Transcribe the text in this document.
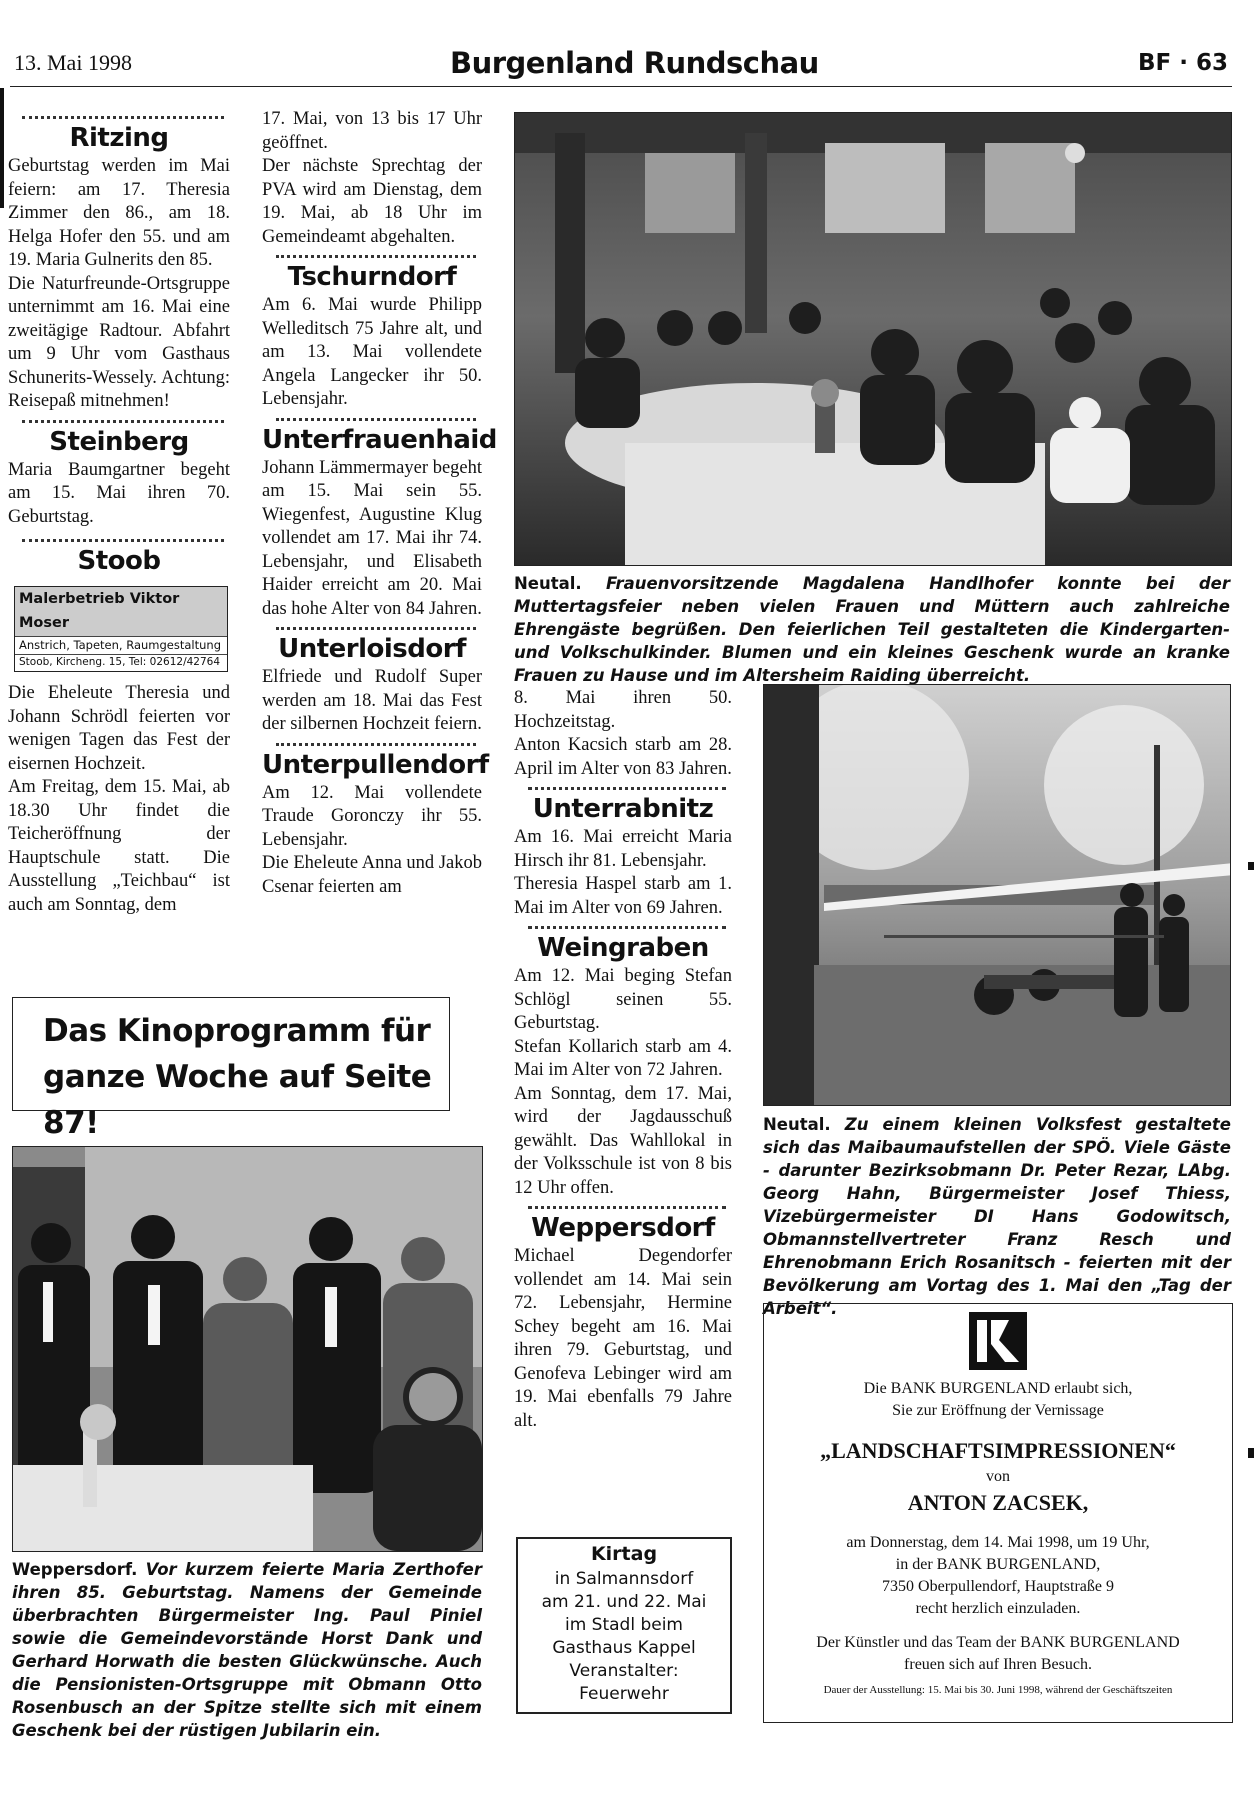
13. Mai 1998	Burgenland Rundschau	BF · 63
Ritzing

Geburtstag werden im Mai feiern: am 17. Theresia Zimmer den 86., am 18. Helga Hofer den 55. und am 19. Maria Gulnerits den 85.

Die Naturfreunde-Ortsgruppe unternimmt am 16. Mai eine zweitägige Radtour. Abfahrt um 9 Uhr vom Gasthaus Schunerits-Wessely. Achtung: Reisepaß mitnehmen!

Steinberg

Maria Baumgartner begeht am 15. Mai ihren 70. Geburtstag.

Stoob
Malerbetrieb Viktor Moser
Anstrich, Tapeten, Raumgestaltung
Stoob, Kircheng. 15, Tel: 02612/42764

Die Eheleute Theresia und Johann Schrödl feierten vor wenigen Tagen das Fest der eisernen Hochzeit.

Am Freitag, dem 15. Mai, ab 18.30 Uhr findet die Teicheröffnung der Hauptschule statt. Die Ausstellung „Teichbau“ ist auch am Sonntag, dem

17. Mai, von 13 bis 17 Uhr geöffnet.

Der nächste Sprechtag der PVA wird am Dienstag, dem 19. Mai, ab 18 Uhr im Gemeindeamt abgehalten.

Tschurndorf

Am 6. Mai wurde Philipp Welleditsch 75 Jahre alt, und am 13. Mai vollendete Angela Langecker ihr 50. Lebensjahr.

Unterfrauenhaid

Johann Lämmermayer begeht am 15. Mai sein 55. Wiegenfest, Augustine Klug vollendet am 17. Mai ihr 74. Lebensjahr, und Elisabeth Haider erreicht am 20. Mai das hohe Alter von 84 Jahren.

Unterloisdorf

Elfriede und Rudolf Super werden am 18. Mai das Fest der silbernen Hochzeit feiern.

Unterpullendorf

Am 12. Mai vollendete Traude Goronczy ihr 55. Lebensjahr.

Die Eheleute Anna und Jakob Csenar feierten am

8. Mai ihren 50. Hochzeitstag.

Anton Kacsich starb am 28. April im Alter von 83 Jahren.

Unterrabnitz

Am 16. Mai erreicht Maria Hirsch ihr 81. Lebensjahr.

Theresia Haspel starb am 1. Mai im Alter von 69 Jahren.

Weingraben

Am 12. Mai beging Stefan Schlögl seinen 55. Geburtstag.

Stefan Kollarich starb am 4. Mai im Alter von 72 Jahren.

Am Sonntag, dem 17. Mai, wird der Jagdausschuß gewählt. Das Wahllokal in der Volksschule ist von 8 bis 12 Uhr offen.

Weppersdorf

Michael Degendorfer vollendet am 14. Mai sein 72. Lebensjahr, Hermine Schey begeht am 16. Mai ihren 79. Geburtstag, und Genofeva Lebinger wird am 19. Mai ebenfalls 79 Jahre alt.

Das Kinoprogramm für
ganze Woche auf Seite 87!
Neutal. Frauenvorsitzende Magdalena Handlhofer konnte bei der Muttertagsfeier neben vielen Frauen und Müttern auch zahlreiche Ehrengäste begrüßen. Den feierlichen Teil gestalteten die Kindergarten- und Volkschulkinder. Blumen und ein kleines Geschenk wurde an kranke Frauen zu Hause und im Altersheim Raiding überreicht.
Neutal. Zu einem kleinen Volksfest gestaltete sich das Maibaumaufstellen der SPÖ. Viele Gäste - darunter Bezirksobmann Dr. Peter Rezar, LAbg. Georg Hahn, Bürgermeister Josef Thiess, Vizebürgermeister DI Hans Godowitsch, Obmannstellvertreter Franz Resch und Ehrenobmann Erich Rosanitsch - feierten mit der Bevölkerung am Vortag des 1. Mai den „Tag der Arbeit“.
Weppersdorf. Vor kurzem feierte Maria Zerthofer ihren 85. Geburtstag. Namens der Gemeinde überbrachten Bürgermeister Ing. Paul Piniel sowie die Gemeindevorstände Horst Dank und Gerhard Horwath die besten Glückwünsche. Auch die Pensionisten-Ortsgruppe mit Obmann Otto Rosenbusch an der Spitze stellte sich mit einem Geschenk bei der rüstigen Jubilarin ein.
Kirtag
in Salmannsdorf
am 21. und 22. Mai
im Stadl beim
Gasthaus Kappel
Veranstalter:
Feuerwehr
Die BANK BURGENLAND erlaubt sich,
Sie zur Eröffnung der Vernissage
„LANDSCHAFTSIMPRESSIONEN“
von
ANTON ZACSEK,
am Donnerstag, dem 14. Mai 1998, um 19 Uhr,
in der BANK BURGENLAND,
7350 Oberpullendorf, Hauptstraße 9
recht herzlich einzuladen.
Der Künstler und das Team der BANK BURGENLAND
freuen sich auf Ihren Besuch.
Dauer der Ausstellung: 15. Mai bis 30. Juni 1998, während der Geschäftszeiten
